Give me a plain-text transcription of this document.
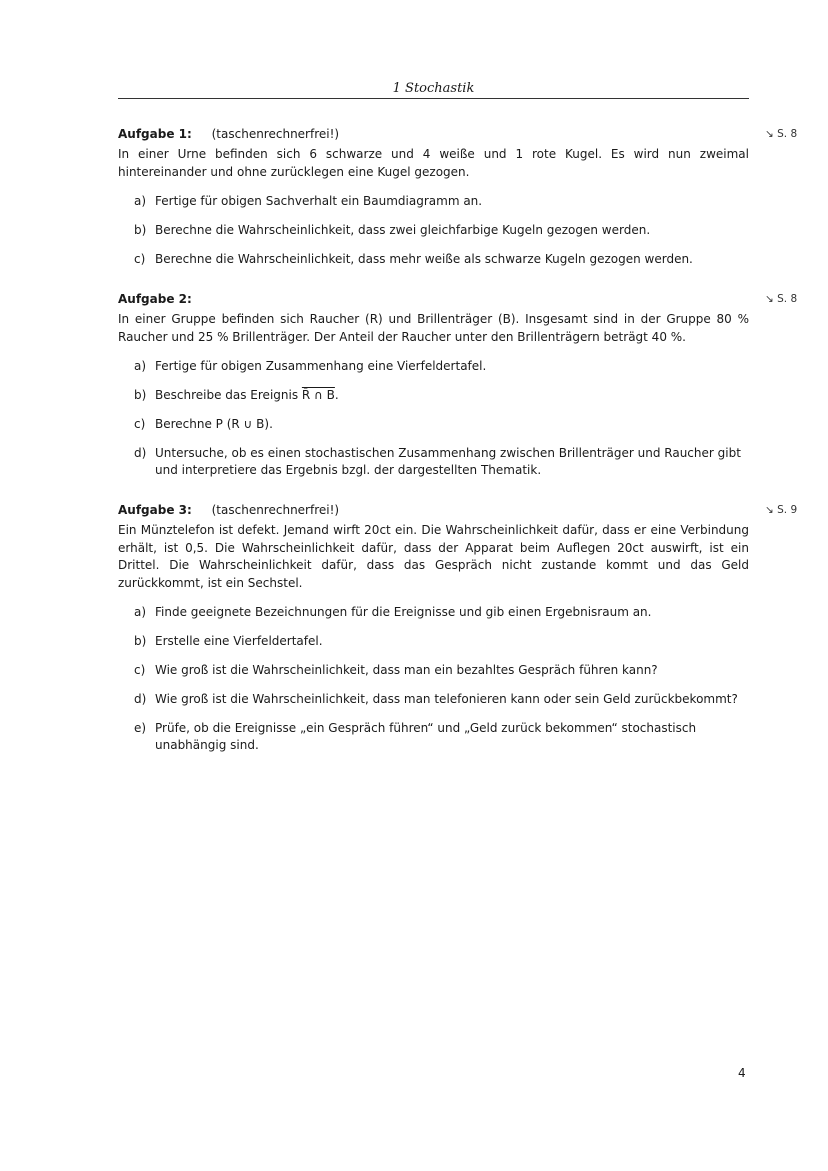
1 Stochastik
Aufgabe 1: (taschenrechnerfrei!)	↘ S. 8

In einer Urne befinden sich 6 schwarze und 4 weiße und 1 rote Kugel. Es wird nun zweimal hintereinander und ohne zurücklegen eine Kugel gezogen.

a) Fertige für obigen Sachverhalt ein Baumdiagramm an.
b) Berechne die Wahrscheinlichkeit, dass zwei gleichfarbige Kugeln gezogen werden.
c) Berechne die Wahrscheinlichkeit, dass mehr weiße als schwarze Kugeln gezogen werden.
Aufgabe 2:	↘ S. 8

In einer Gruppe befinden sich Raucher (R) und Brillenträger (B). Insgesamt sind in der Gruppe 80 % Raucher und 25 % Brillenträger. Der Anteil der Raucher unter den Brillenträgern beträgt 40 %.

a) Fertige für obigen Zusammenhang eine Vierfeldertafel.
b) Beschreibe das Ereignis R̄ ∩ B.
c) Berechne P (R ∪ B).
d) Untersuche, ob es einen stochastischen Zusammenhang zwischen Brillenträger und Raucher gibt und interpretiere das Ergebnis bzgl. der dargestellten Thematik.
Aufgabe 3: (taschenrechnerfrei!)	↘ S. 9

Ein Münztelefon ist defekt. Jemand wirft 20ct ein. Die Wahrscheinlichkeit dafür, dass er eine Verbindung erhält, ist 0,5. Die Wahrscheinlichkeit dafür, dass der Apparat beim Auflegen 20ct auswirft, ist ein Drittel. Die Wahrscheinlichkeit dafür, dass das Gespräch nicht zustande kommt und das Geld zurückkommt, ist ein Sechstel.

a) Finde geeignete Bezeichnungen für die Ereignisse und gib einen Ergebnisraum an.
b) Erstelle eine Vierfeldertafel.
c) Wie groß ist die Wahrscheinlichkeit, dass man ein bezahltes Gespräch führen kann?
d) Wie groß ist die Wahrscheinlichkeit, dass man telefonieren kann oder sein Geld zurückbekommt?
e) Prüfe, ob die Ereignisse „ein Gespräch führen“ und „Geld zurück bekommen“ stochastisch unabhängig sind.
4
